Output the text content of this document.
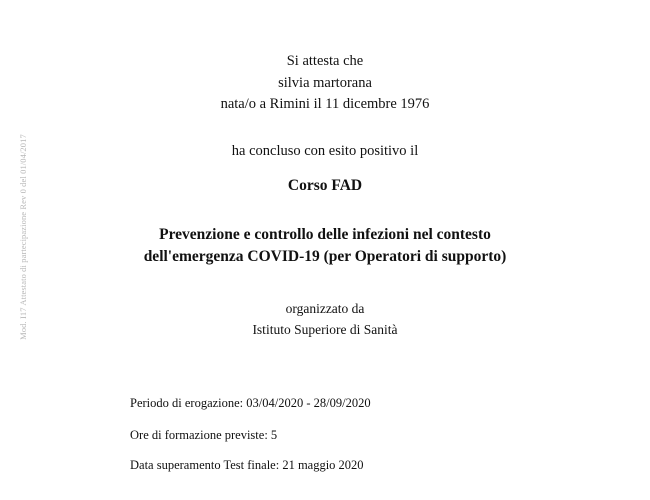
Mod. I17 Attestato di partecipazione Rev 0 del 01/04/2017
Si attesta che
silvia martorana
nata/o a Rimini il 11 dicembre 1976
ha concluso con esito positivo il
Corso FAD
Prevenzione e controllo delle infezioni nel contesto
dell'emergenza COVID-19 (per Operatori di supporto)
organizzato da
Istituto Superiore di Sanità
Periodo di erogazione: 03/04/2020 - 28/09/2020
Ore di formazione previste: 5
Data superamento Test finale: 21 maggio 2020
